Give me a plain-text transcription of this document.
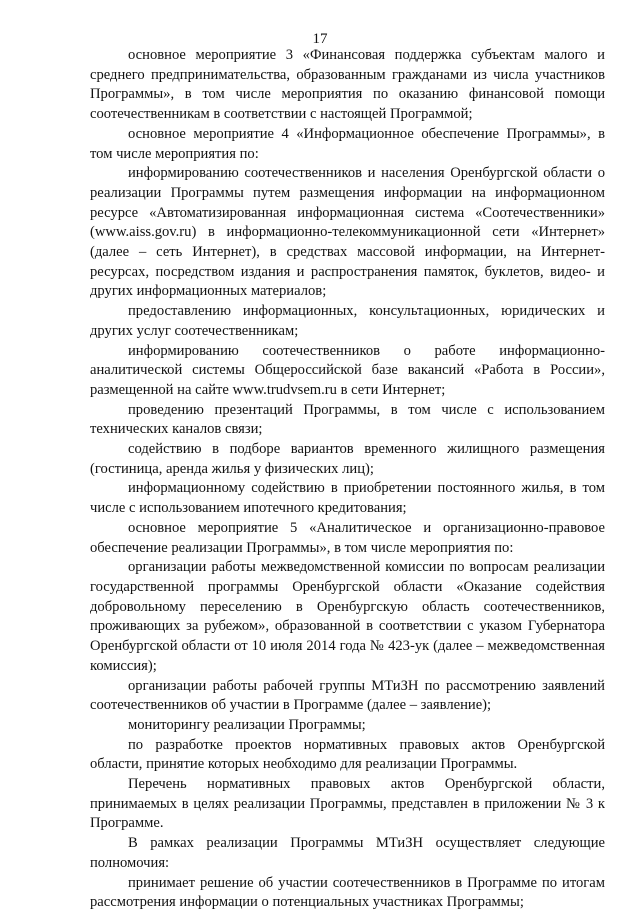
17

основное мероприятие 3 «Финансовая поддержка субъектам малого и среднего предпринимательства, образованным гражданами из числа участников Программы», в том числе мероприятия по оказанию финансовой помощи соотечественникам в соответствии с настоящей Программой;

основное мероприятие 4 «Информационное обеспечение Программы», в том числе мероприятия по:

информированию соотечественников и населения Оренбургской области о реализации Программы путем размещения информации на информационном ресурсе «Автоматизированная информационная система «Соотечественники» (www.aiss.gov.ru) в информационно-телекоммуникационной сети «Интернет» (далее – сеть Интернет), в средствах массовой информации, на Интернет-ресурсах, посредством издания и распространения памяток, буклетов, видео- и других информационных материалов;

предоставлению информационных, консультационных, юридических и других услуг соотечественникам;

информированию соотечественников о работе информационно-аналитической системы Общероссийской базе вакансий «Работа в России», размещенной на сайте www.trudvsem.ru в сети Интернет;

проведению презентаций Программы, в том числе с использованием технических каналов связи;

содействию в подборе вариантов временного жилищного размещения (гостиница, аренда жилья у физических лиц);

информационному содействию в приобретении постоянного жилья, в том числе с использованием ипотечного кредитования;

основное мероприятие 5 «Аналитическое и организационно-правовое обеспечение реализации Программы», в том числе мероприятия по:

организации работы межведомственной комиссии по вопросам реализации государственной программы Оренбургской области «Оказание содействия добровольному переселению в Оренбургскую область соотечественников, проживающих за рубежом», образованной в соответствии с указом Губернатора Оренбургской области от 10 июля 2014 года № 423-ук (далее – межведомственная комиссия);

организации работы рабочей группы МТиЗН по рассмотрению заявлений соотечественников об участии в Программе (далее – заявление);

мониторингу реализации Программы;

по разработке проектов нормативных правовых актов Оренбургской области, принятие которых необходимо для реализации Программы.

Перечень нормативных правовых актов Оренбургской области, принимаемых в целях реализации Программы, представлен в приложении № 3 к Программе.

В рамках реализации Программы МТиЗН осуществляет следующие полномочия:

принимает решение об участии соотечественников в Программе по итогам рассмотрения информации о потенциальных участниках Программы;
